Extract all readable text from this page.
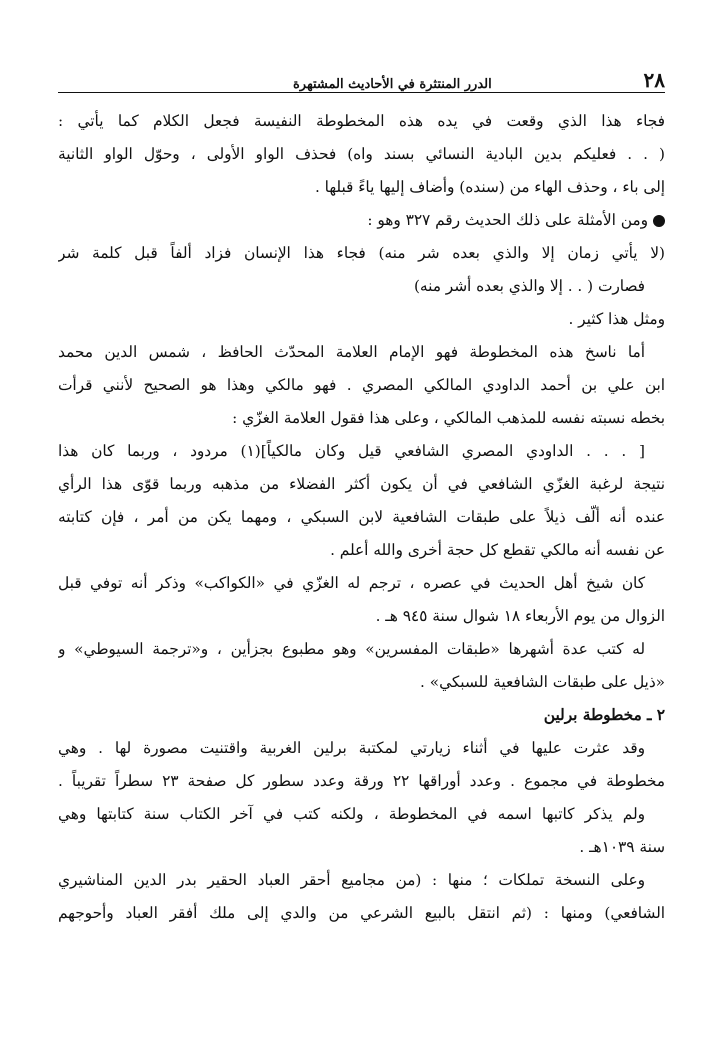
٢٨
الدرر المنتثرة في الأحاديث المشتهرة
فجاء هذا الذي وقعت في يده هذه المخطوطة النفيسة فجعل الكلام كما يأتي :
( . . فعليكم بدين البادية النسائي بسند واه) فحذف الواو الأولى ، وحوّل الواو الثانية
إلى باء ، وحذف الهاء من (سنده) وأضاف إليها ياءً قبلها .
ومن الأمثلة على ذلك الحديث رقم ٣٢٧ وهو :
(لا يأتي زمان إلا والذي بعده شر منه) فجاء هذا الإنسان فزاد ألفاً قبل كلمة شر
فصارت ( . . إلا والذي بعده أشر منه)
ومثل هذا كثير .
أما ناسخ هذه المخطوطة فهو الإمام العلامة المحدّث الحافظ ، شمس الدين محمد
ابن علي بن أحمد الداودي المالكي المصري . فهو مالكي وهذا هو الصحيح لأنني قرأت
بخطه نسبته نفسه للمذهب المالكي ، وعلى هذا فقول العلامة الغزّي :
[ . . . الداودي المصري الشافعي قيل وكان مالكياً](١) مردود ، وربما كان هذا
نتيجة لرغبة الغزّي الشافعي في أن يكون أكثر الفضلاء من مذهبه وربما قوّى هذا الرأي
عنده أنه ألّف ذيلاً على طبقات الشافعية لابن السبكي ، ومهما يكن من أمر ، فإن كتابته
عن نفسه أنه مالكي تقطع كل حجة أخرى والله أعلم .
كان شيخ أهل الحديث في عصره ، ترجم له الغزّي في «الكواكب» وذكر أنه توفي قبل
الزوال من يوم الأربعاء ١٨ شوال سنة ٩٤٥ هـ .
له كتب عدة أشهرها «طبقات المفسرين» وهو مطبوع بجزأين ، و«ترجمة السيوطي» و
«ذيل على طبقات الشافعية للسبكي» .
٢ ـ مخطوطة برلين
وقد عثرت عليها في أثناء زيارتي لمكتبة برلين الغربية واقتنيت مصورة لها . وهي
مخطوطة في مجموع . وعدد أوراقها ٢٢ ورقة وعدد سطور كل صفحة ٢٣ سطراً تقريباً .
ولم يذكر كاتبها اسمه في المخطوطة ، ولكنه كتب في آخر الكتاب سنة كتابتها وهي
سنة ١٠٣٩هـ .
وعلى النسخة تملكات ؛ منها : (من مجاميع أحقر العباد الحقير بدر الدين المناشيري
الشافعي) ومنها : (ثم انتقل بالبيع الشرعي من والدي إلى ملك أفقر العباد وأحوجهم
